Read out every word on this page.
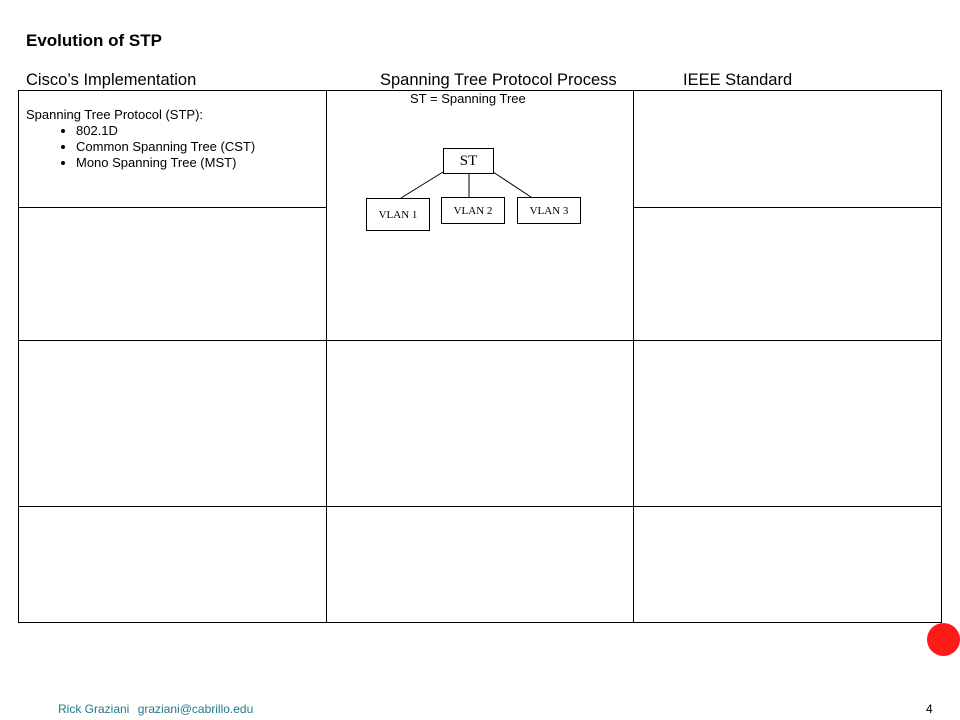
Evolution of STP
Cisco’s Implementation	Spanning Tree Protocol Process	IEEE Standard
Spanning Tree Protocol (STP):
• 802.1D
• Common Spanning Tree (CST)
• Mono Spanning Tree (MST)
ST = Spanning Tree
ST
VLAN 1	VLAN 2	VLAN 3
Rick Graziani graziani@cabrillo.edu	4
